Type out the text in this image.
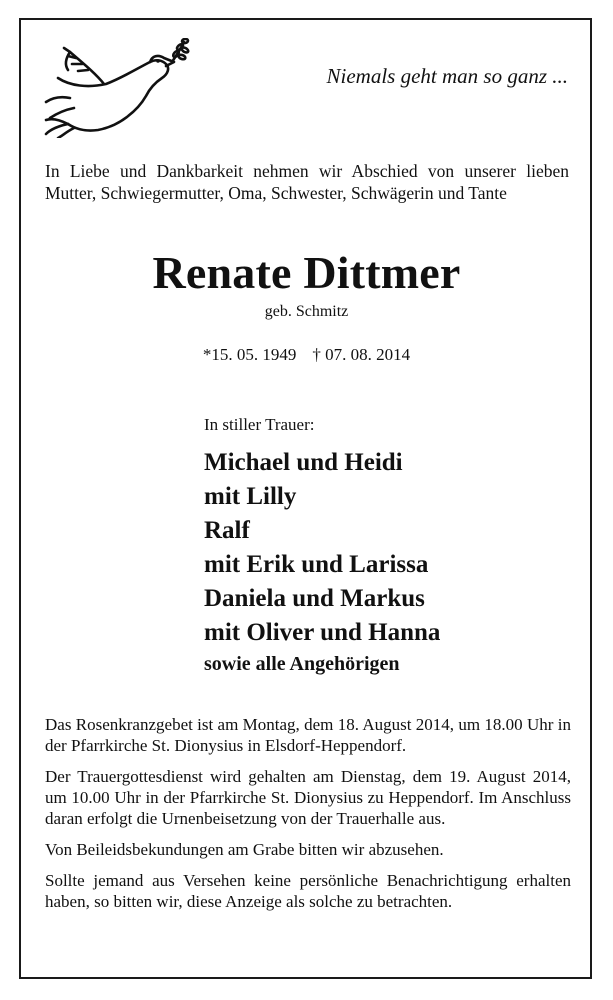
Niemals geht man so ganz ...
In Liebe und Dankbarkeit nehmen wir Abschied von unserer lieben Mutter, Schwiegermutter, Oma, Schwester, Schwägerin und Tante
Renate Dittmer
geb. Schmitz
*15. 05. 1949 † 07. 08. 2014
In stiller Trauer:
Michael und Heidi
mit Lilly
Ralf
mit Erik und Larissa
Daniela und Markus
mit Oliver und Hanna
sowie alle Angehörigen

Das Rosenkranzgebet ist am Montag, dem 18. August 2014, um 18.00 Uhr in der Pfarrkirche St. Dionysius in Elsdorf-Heppendorf.

Der Trauergottesdienst wird gehalten am Dienstag, dem 19. August 2014, um 10.00 Uhr in der Pfarrkirche St. Dionysius zu Heppendorf. Im Anschluss daran erfolgt die Urnenbeisetzung von der Trauerhalle aus.

Von Beileidsbekundungen am Grabe bitten wir abzusehen.

Sollte jemand aus Versehen keine persönliche Benachrichtigung erhalten haben, so bitten wir, diese Anzeige als solche zu betrachten.
